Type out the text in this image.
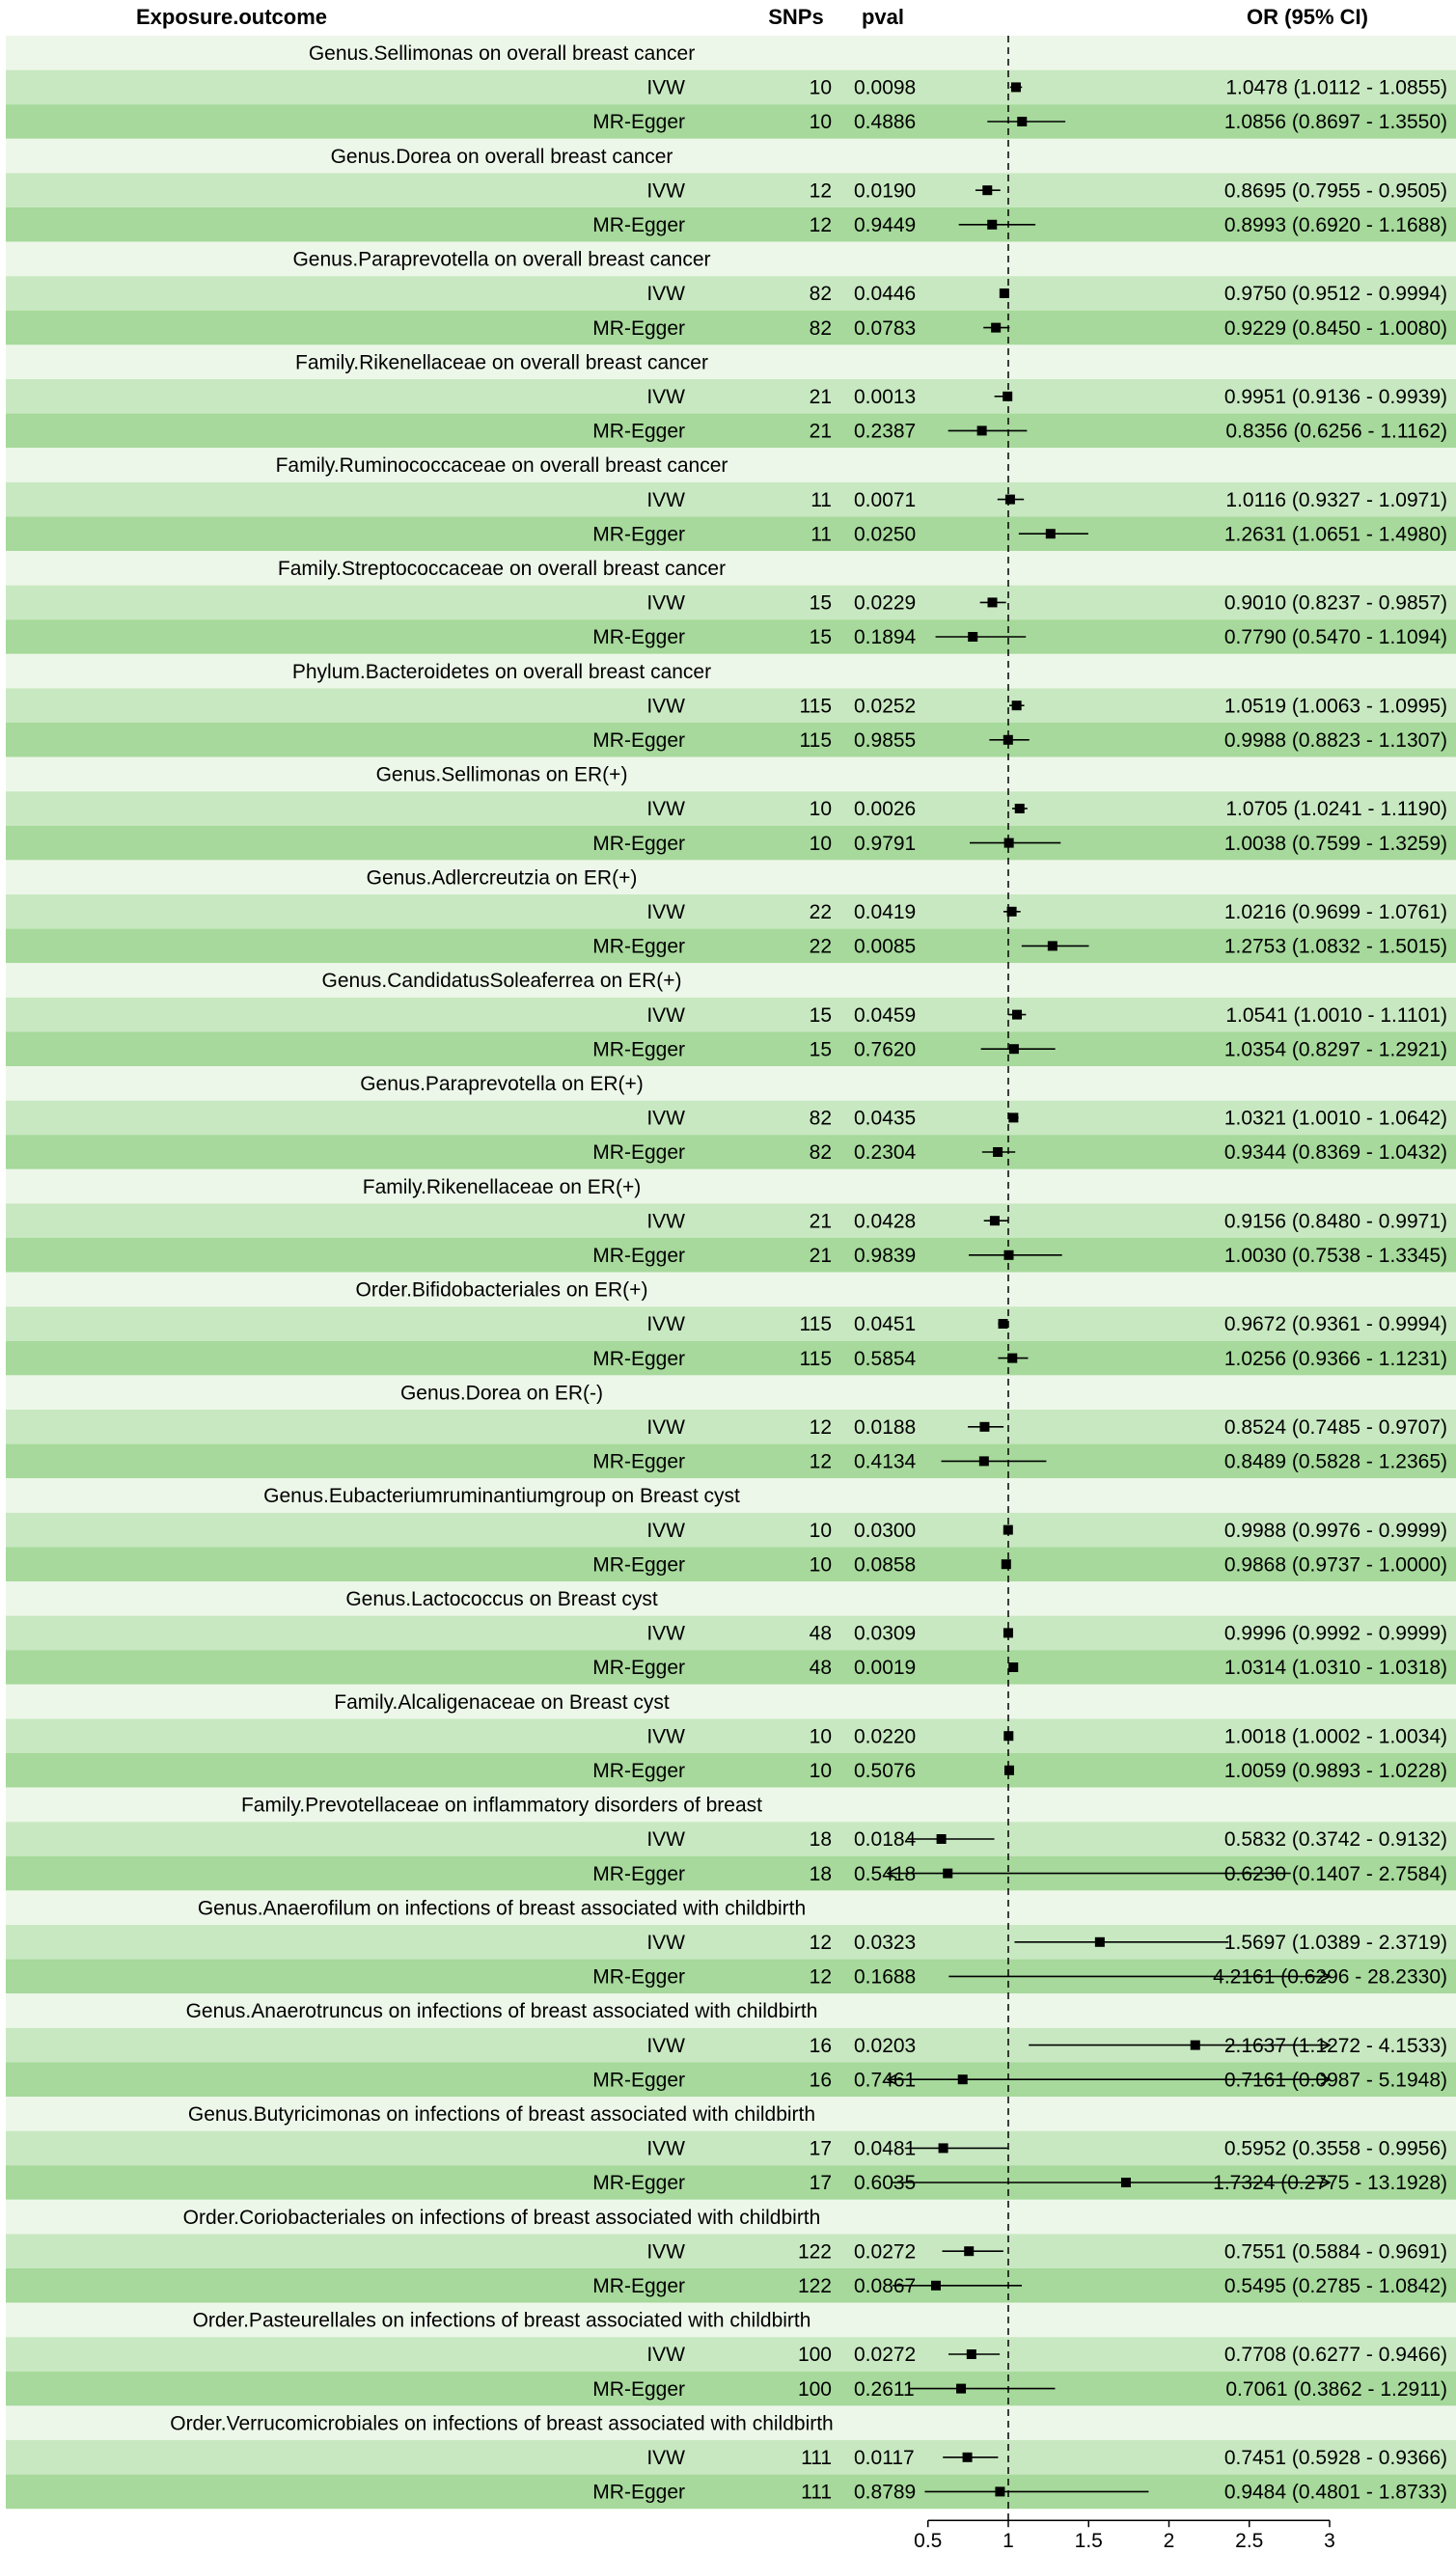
Exposure.outcome	SNPs pval	OR (95% CI)
Genus.Sellimonas on overall breast cancer
IVW	10 0.0098	1.0478 (1.0112 - 1.0855)
MR-Egger	10 0.4886	1.0856 (0.8697 - 1.3550)
Genus.Dorea on overall breast cancer
IVW	12 0.0190	0.8695 (0.7955 - 0.9505)
MR-Egger	12 0.9449	0.8993 (0.6920 - 1.1688)
Genus.Paraprevotella on overall breast cancer
IVW	82 0.0446	0.9750 (0.9512 - 0.9994)
MR-Egger	82 0.0783	0.9229 (0.8450 - 1.0080)
Family.Rikenellaceae on overall breast cancer
IVW	21 0.0013	0.9951 (0.9136 - 0.9939)
MR-Egger	21 0.2387	0.8356 (0.6256 - 1.1162)
Family.Ruminococcaceae on overall breast cancer
IVW	11 0.0071	1.0116 (0.9327 - 1.0971)
MR-Egger	11 0.0250	1.2631 (1.0651 - 1.4980)
Family.Streptococcaceae on overall breast cancer
IVW	15 0.0229	0.9010 (0.8237 - 0.9857)
MR-Egger	15 0.1894	0.7790 (0.5470 - 1.1094)
Phylum.Bacteroidetes on overall breast cancer
IVW	115 0.0252	1.0519 (1.0063 - 1.0995)
MR-Egger	115 0.9855	0.9988 (0.8823 - 1.1307)
Genus.Sellimonas on ER(+)
IVW	10 0.0026	1.0705 (1.0241 - 1.1190)
MR-Egger	10 0.9791	1.0038 (0.7599 - 1.3259)
Genus.Adlercreutzia on ER(+)
IVW	22 0.0419	1.0216 (0.9699 - 1.0761)
MR-Egger	22 0.0085	1.2753 (1.0832 - 1.5015)
Genus.CandidatusSoleaferrea on ER(+)
IVW	15 0.0459	1.0541 (1.0010 - 1.1101)
MR-Egger	15 0.7620	1.0354 (0.8297 - 1.2921)
Genus.Paraprevotella on ER(+)
IVW	82 0.0435	1.0321 (1.0010 - 1.0642)
MR-Egger	82 0.2304	0.9344 (0.8369 - 1.0432)
Family.Rikenellaceae on ER(+)
IVW	21 0.0428	0.9156 (0.8480 - 0.9971)
MR-Egger	21 0.9839	1.0030 (0.7538 - 1.3345)
Order.Bifidobacteriales on ER(+)
IVW	115 0.0451	0.9672 (0.9361 - 0.9994)
MR-Egger	115 0.5854	1.0256 (0.9366 - 1.1231)
Genus.Dorea on ER(-)
IVW	12 0.0188	0.8524 (0.7485 - 0.9707)
MR-Egger	12 0.4134	0.8489 (0.5828 - 1.2365)
Genus.Eubacteriumruminantiumgroup on Breast cyst
IVW	10 0.0300	0.9988 (0.9976 - 0.9999)
MR-Egger	10 0.0858	0.9868 (0.9737 - 1.0000)
Genus.Lactococcus on Breast cyst
IVW	48 0.0309	0.9996 (0.9992 - 0.9999)
MR-Egger	48 0.0019	1.0314 (1.0310 - 1.0318)
Family.Alcaligenaceae on Breast cyst
IVW	10 0.0220	1.0018 (1.0002 - 1.0034)
MR-Egger	10 0.5076	1.0059 (0.9893 - 1.0228)
Family.Prevotellaceae on inflammatory disorders of breast
IVW	18 0.0184	0.5832 (0.3742 - 0.9132)
MR-Egger	18 0.5418	0.6230 (0.1407 - 2.7584)
Genus.Anaerofilum on infections of breast associated with childbirth
IVW	12 0.0323	1.5697 (1.0389 - 2.3719)
MR-Egger	12 0.1688	4.2161 (0.6296 - 28.2330)
Genus.Anaerotruncus on infections of breast associated with childbirth
IVW	16 0.0203	2.1637 (1.1272 - 4.1533)
MR-Egger	16 0.7461	0.7161 (0.0987 - 5.1948)
Genus.Butyricimonas on infections of breast associated with childbirth
IVW	17 0.0481	0.5952 (0.3558 - 0.9956)
MR-Egger	17 0.6035	1.7324 (0.2775 - 13.1928)
Order.Coriobacteriales on infections of breast associated with childbirth
IVW	122 0.0272	0.7551 (0.5884 - 0.9691)
MR-Egger	122 0.0867	0.5495 (0.2785 - 1.0842)
Order.Pasteurellales on infections of breast associated with childbirth
IVW	100 0.0272	0.7708 (0.6277 - 0.9466)
MR-Egger	100 0.2611	0.7061 (0.3862 - 1.2911)
Order.Verrucomicrobiales on infections of breast associated with childbirth
IVW	111 0.0117	0.7451 (0.5928 - 0.9366)
MR-Egger	111 0.8789	0.9484 (0.4801 - 1.8733)
0.5	1	1.5	2	2.5	3
